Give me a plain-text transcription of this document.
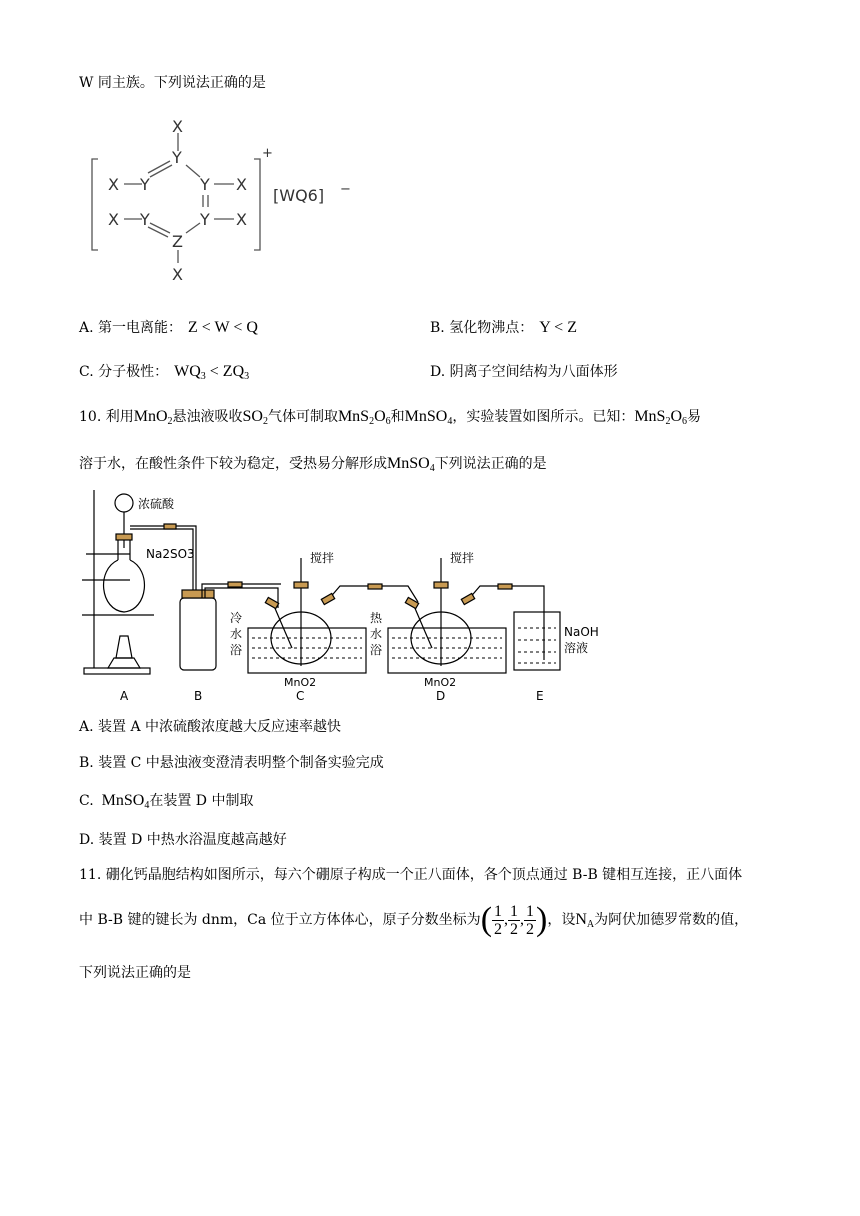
W 同主族。下列说法正确的是
X
Y
X Y	Y X
X Y	Y X
Z
X
+
[WQ6] −
A. 第一电离能： Z < W < Q	B. 氢化物沸点： Y < Z
C. 分子极性： $WQ_3 < ZQ_3$	D. 阴离子空间结构为八面体形
10. 利用MnO$_2$悬浊液吸收$SO_2$气体可制取$MnS_2O_6$和MnSO$_4$，实验装置如图所示。已知：$MnS_2O_6$易
溶于水，在酸性条件下较为稳定，受热易分解形成MnSO$_4$下列说法正确的是
浓硫酸
Na2SO3	搅拌	搅拌
冷
水
浴
热
水
浴
MnO2	MnO2
NaOH
溶液
A	B	C	D	E
A. 装置 A 中浓硫酸浓度越大反应速率越快
B. 装置 C 中悬浊液变澄清表明整个制备实验完成
C. MnSO$_4$在装置 D 中制取
D. 装置 D 中热水浴温度越高越好
11. 硼化钙晶胞结构如图所示，每六个硼原子构成一个正八面体，各个顶点通过 B-B 键相互连接，正八面体
中 B-B 键的键长为 dnm，Ca 位于立方体体心，原子分数坐标为( $\frac{1}{2}$ , $\frac{1}{2}$ , $\frac{1}{2}$ )，设$N_A$为阿伏加德罗常数的值，
下列说法正确的是
